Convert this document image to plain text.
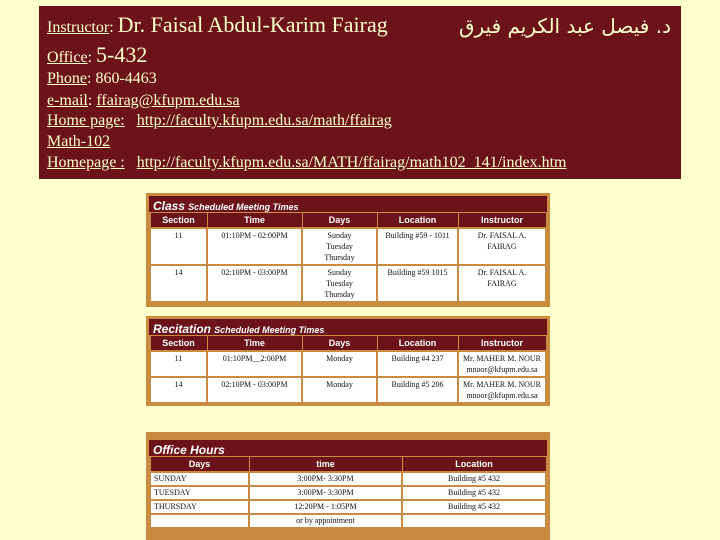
Instructor: Dr. Faisal Abdul-Karim Fairag	د. فيصل عبد الكريم فيرق
Office: 5-432
Phone: 860-4463
e-mail: ffairag@kfupm.edu.sa
Home page: http://faculty.kfupm.edu.sa/math/ffairag
Math-102
Homepage : http://faculty.kfupm.edu.sa/MATH/ffairag/math102_141/index.htm
Class Scheduled Meeting Times
Section	Time	Days	Location	Instructor
11	01:10PM - 02:00PM	Sunday
Tuesday
Thursday	Building #59 - 1011	Dr. FAISAL A.
FAIRAG
14	02:10PM - 03:00PM	Sunday
Tuesday
Thursday	Building #59 1015	Dr. FAISAL A.
FAIRAG
Recitation Scheduled Meeting Times
Section	Time	Days	Location	Instructor
11	01:10PM__2:00PM	Monday	Building #4 237	Mr. MAHER M. NOUR
mnoor@kfupm.edu.sa
14	02:10PM - 03:00PM	Monday	Building #5 206	Mr. MAHER M. NOUR
mnoor@kfupm.edu.sa
Office Hours
Days	time	Location
SUNDAY	3:00PM- 3:30PM	Building #5 432
TUESDAY	3:00PM- 3:30PM	Building #5 432
THURSDAY	12:20PM - 1:05PM	Building #5 432
	or by appointment	
